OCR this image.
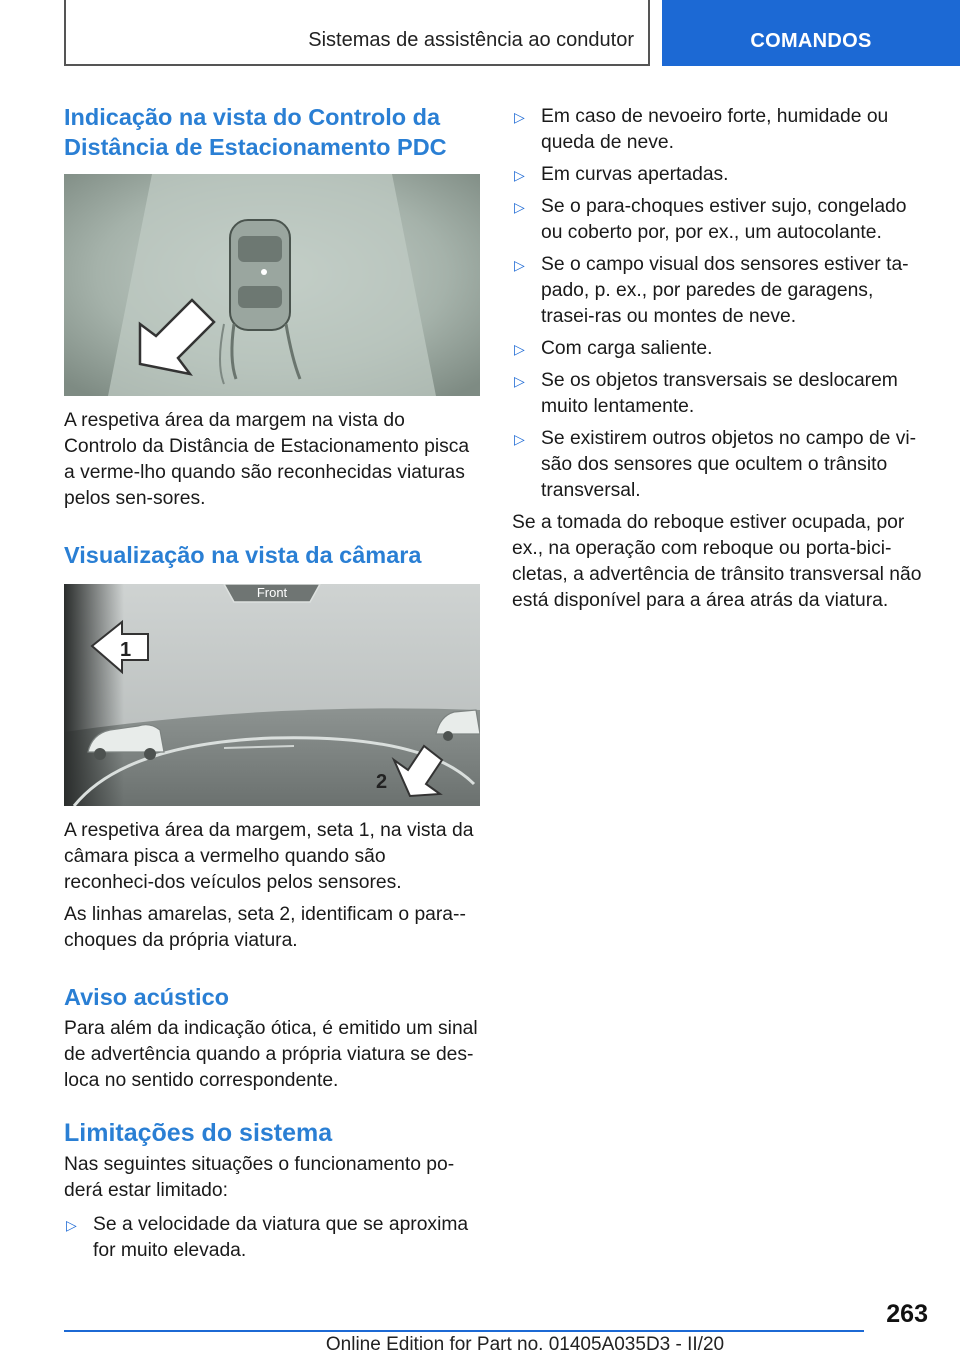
Sistemas de assistência ao condutor	COMANDOS
Indicação na vista do Controlo da Distância de Estacionamento PDC

A respetiva área da margem na vista do Controlo da Distância de Estacionamento pisca a verme-lho quando são reconhecidas viaturas pelos sen-sores.

Visualização na vista da câmara
Front
1
2

A respetiva área da margem, seta 1, na vista da câmara pisca a vermelho quando são reconheci-dos veículos pelos sensores.

As linhas amarelas, seta 2, identificam o para--choques da própria viatura.

Aviso acústico

Para além da indicação ótica, é emitido um sinal de advertência quando a própria viatura se des-loca no sentido correspondente.

Limitações do sistema

Nas seguintes situações o funcionamento po-derá estar limitado:

▷ Se a velocidade da viatura que se aproxima for muito elevada.
▷ Em caso de nevoeiro forte, humidade ou queda de neve.
▷ Em curvas apertadas.
▷ Se o para-choques estiver sujo, congelado ou coberto por, por ex., um autocolante.
▷ Se o campo visual dos sensores estiver ta-pado, p. ex., por paredes de garagens, trasei-ras ou montes de neve.
▷ Com carga saliente.
▷ Se os objetos transversais se deslocarem muito lentamente.
▷ Se existirem outros objetos no campo de vi-são dos sensores que ocultem o trânsito transversal.

Se a tomada do reboque estiver ocupada, por ex., na operação com reboque ou porta-bici-cletas, a advertência de trânsito transversal não está disponível para a área atrás da viatura.

263
Online Edition for Part no. 01405A035D3 - II/20
